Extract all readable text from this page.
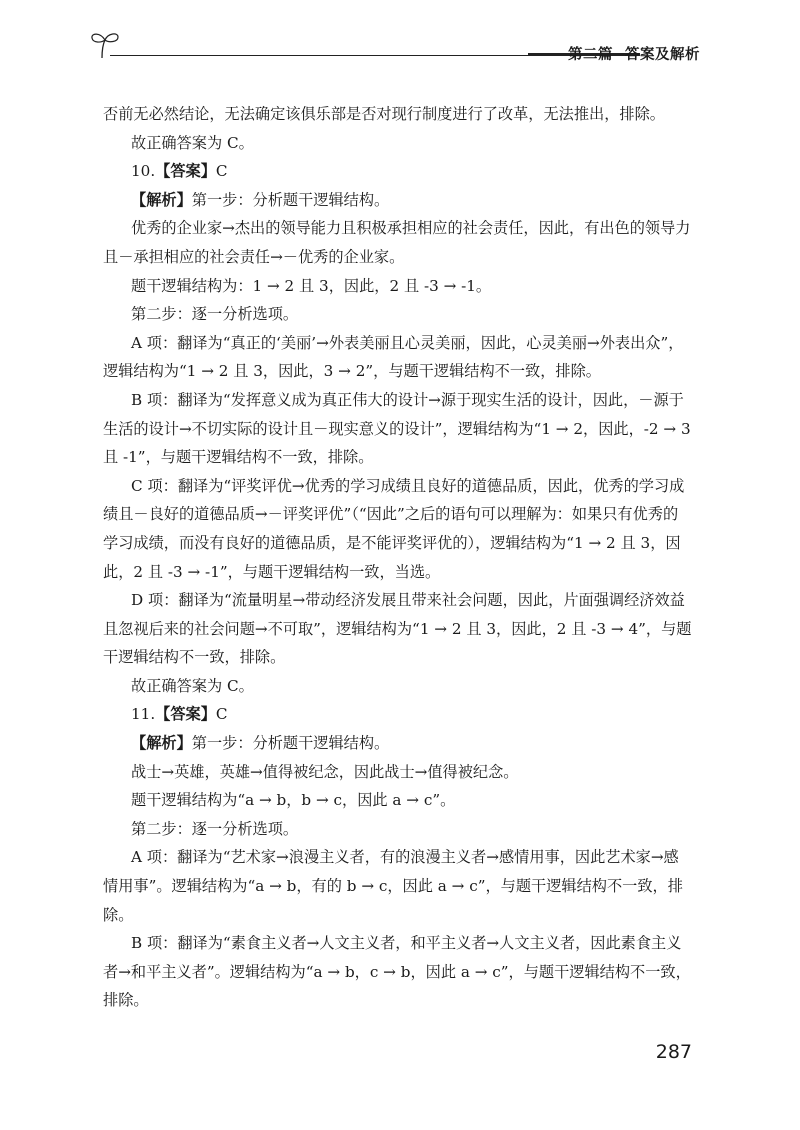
第二篇 答案及解析

否前无必然结论，无法确定该俱乐部是否对现行制度进行了改革，无法推出，排除。

故正确答案为 C。

10.【答案】C

【解析】第一步：分析题干逻辑结构。

优秀的企业家→杰出的领导能力且积极承担相应的社会责任，因此，有出色的领导力且－承担相应的社会责任→－优秀的企业家。

题干逻辑结构为：1 → 2 且 3，因此，2 且 -3 → -1。

第二步：逐一分析选项。

A 项：翻译为“真正的‘美丽’→外表美丽且心灵美丽，因此，心灵美丽→外表出众”，逻辑结构为“1 → 2 且 3，因此，3 → 2”，与题干逻辑结构不一致，排除。

B 项：翻译为“发挥意义成为真正伟大的设计→源于现实生活的设计，因此，－源于生活的设计→不切实际的设计且－现实意义的设计”，逻辑结构为“1 → 2，因此，-2 → 3 且 -1”，与题干逻辑结构不一致，排除。

C 项：翻译为“评奖评优→优秀的学习成绩且良好的道德品质，因此，优秀的学习成绩且－良好的道德品质→－评奖评优”（“因此”之后的语句可以理解为：如果只有优秀的学习成绩，而没有良好的道德品质，是不能评奖评优的），逻辑结构为“1 → 2 且 3，因此，2 且 -3 → -1”，与题干逻辑结构一致，当选。

D 项：翻译为“流量明星→带动经济发展且带来社会问题，因此，片面强调经济效益且忽视后来的社会问题→不可取”，逻辑结构为“1 → 2 且 3，因此，2 且 -3 → 4”，与题干逻辑结构不一致，排除。

故正确答案为 C。

11.【答案】C

【解析】第一步：分析题干逻辑结构。

战士→英雄，英雄→值得被纪念，因此战士→值得被纪念。

题干逻辑结构为“a → b，b → c，因此 a → c”。

第二步：逐一分析选项。

A 项：翻译为“艺术家→浪漫主义者，有的浪漫主义者→感情用事，因此艺术家→感情用事”。逻辑结构为“a → b，有的 b → c，因此 a → c”，与题干逻辑结构不一致，排除。

B 项：翻译为“素食主义者→人文主义者，和平主义者→人文主义者，因此素食主义者→和平主义者”。逻辑结构为“a → b，c → b，因此 a → c”，与题干逻辑结构不一致，排除。

287
